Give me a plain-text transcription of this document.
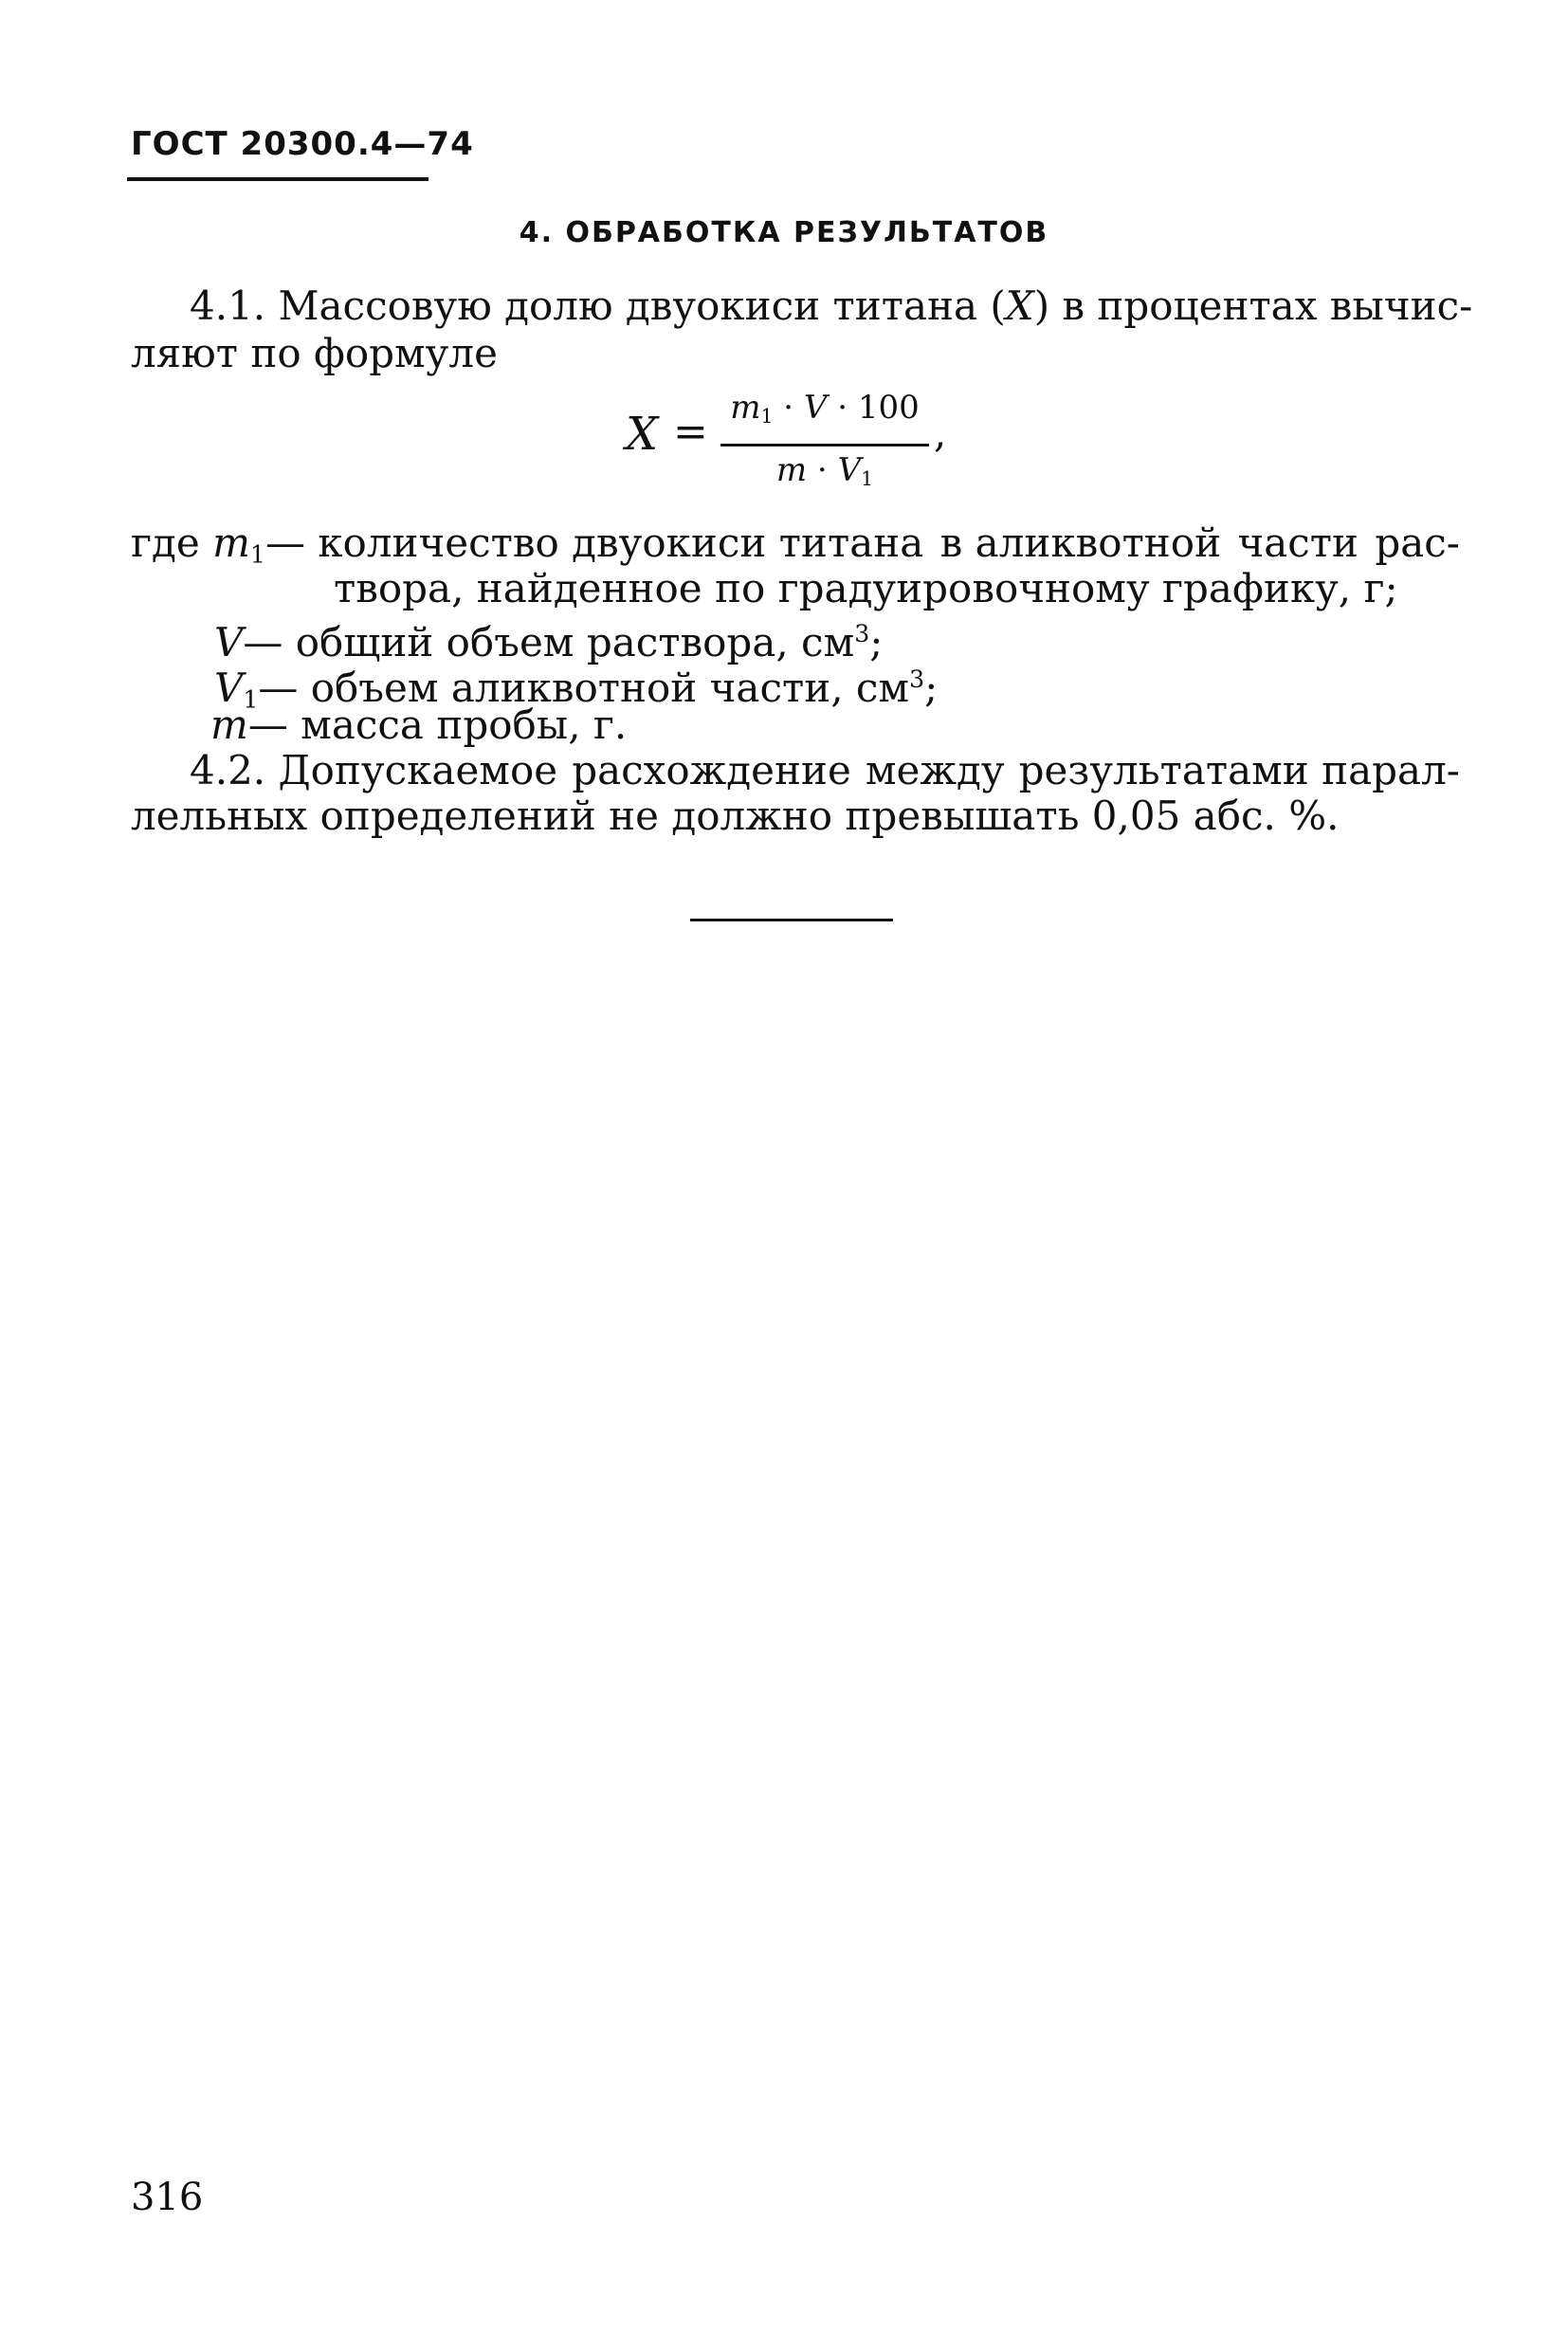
ГОСТ 20300.4—74
4. ОБРАБОТКА РЕЗУЛЬТАТОВ
4.1. Массовую долю двуокиси титана (X) в процентах вычис-
ляют по формуле
$X = m_1 \cdot V \cdot 100$
$m \cdot V_1$
,
где $m_1—$ количество двуокиси титана в аликвотной части рас-
твора, найденное по градуировочному графику, г;
V— общий объем раствора, $см^3$;
$V_1—$ объем аликвотной части, $см^3$;
m— масса пробы, г.
4.2. Допускаемое расхождение между результатами парал-
лельных определений не должно превышать 0,05 абс. %.
316
